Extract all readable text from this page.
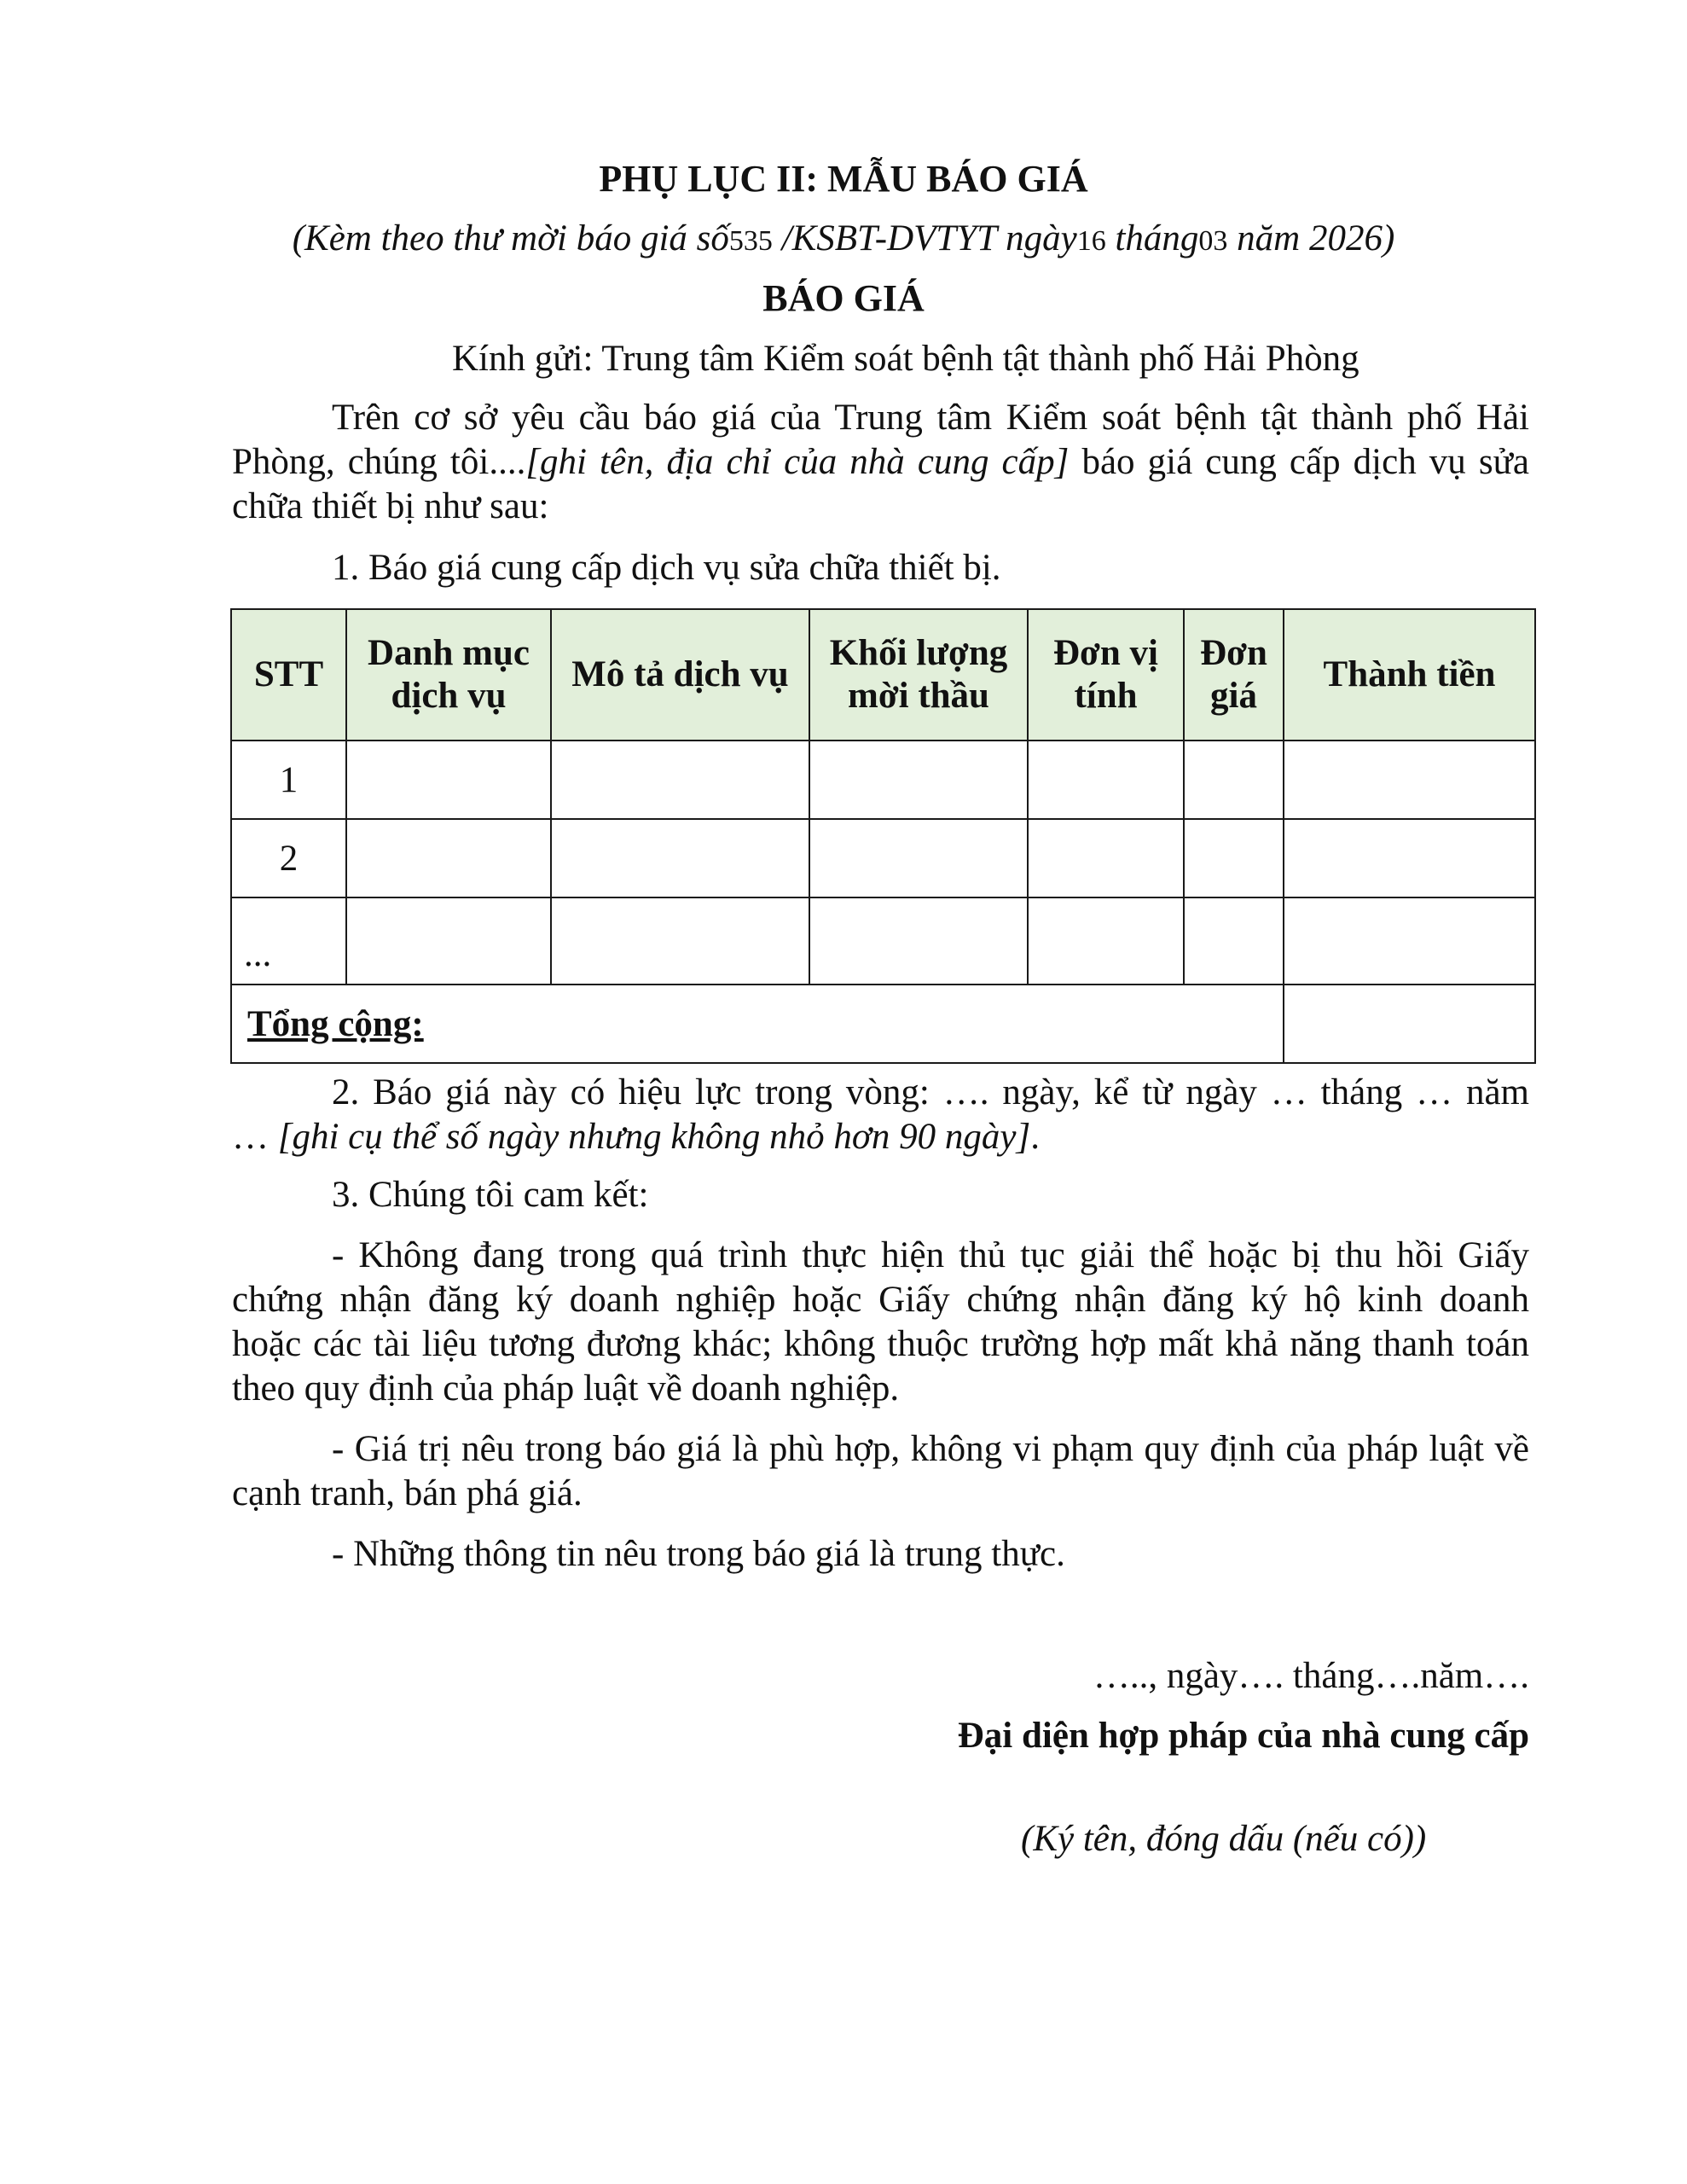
PHỤ LỤC II: MẪU BÁO GIÁ
(Kèm theo thư mời báo giá số535 /KSBT-DVTYT ngày16 tháng03 năm 2026)
BÁO GIÁ
Kính gửi: Trung tâm Kiểm soát bệnh tật thành phố Hải Phòng
Trên cơ sở yêu cầu báo giá của Trung tâm Kiểm soát bệnh tật thành phố Hải
Phòng, chúng tôi....[ghi tên, địa chỉ của nhà cung cấp] báo giá cung cấp dịch vụ sửa
chữa thiết bị như sau:
1. Báo giá cung cấp dịch vụ sửa chữa thiết bị.
STT	Danh mục dịch vụ	Mô tả dịch vụ	Khối lượng mời thầu	Đơn vị tính	Đơn giá	Thành tiền
1						
2						
...						
Tổng cộng:						
2. Báo giá này có hiệu lực trong vòng: …. ngày, kể từ ngày … tháng … năm
… [ghi cụ thể số ngày nhưng không nhỏ hơn 90 ngày].
3. Chúng tôi cam kết:
- Không đang trong quá trình thực hiện thủ tục giải thể hoặc bị thu hồi Giấy
chứng nhận đăng ký doanh nghiệp hoặc Giấy chứng nhận đăng ký hộ kinh doanh
hoặc các tài liệu tương đương khác; không thuộc trường hợp mất khả năng thanh toán
theo quy định của pháp luật về doanh nghiệp.
- Giá trị nêu trong báo giá là phù hợp, không vi phạm quy định của pháp luật về
cạnh tranh, bán phá giá.
- Những thông tin nêu trong báo giá là trung thực.
….., ngày…. tháng….năm….
Đại diện hợp pháp của nhà cung cấp
(Ký tên, đóng dấu (nếu có))
